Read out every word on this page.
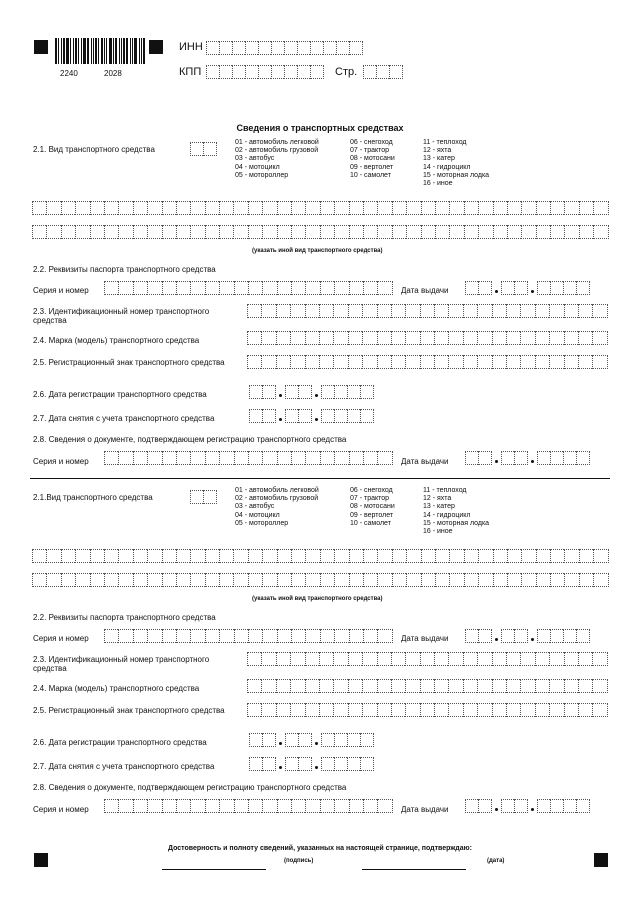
2240	2028
ИНН
КПП	Стр.
Сведения о транспортных средствах
2.1. Вид транспортного средства
01 - автомобиль легковой
02 - автомобиль грузовой
03 - автобус
04 - мотоцикл
05 - мотороллер
06 - снегоход
07 - трактор
08 - мотосани
09 - вертолет
10 - самолет
11 - теплоход
12 - яхта
13 - катер
14 - гидроцикл
15 - моторная лодка
16 - иное
(указать иной вид транспортного средства)
2.2. Реквизиты паспорта транспортного средства
Серия и номер	Дата выдачи
2.3. Идентификационный номер транспортного средства
2.4. Марка (модель) транспортного средства
2.5. Регистрационный знак транспортного средства
2.6. Дата регистрации транспортного средства
2.7. Дата снятия с учета транспортного средства
2.8. Сведения о документе, подтверждающем регистрацию транспортного средства
Серия и номер	Дата выдачи
2.1.Вид транспортного средства
01 - автомобиль легковой
02 - автомобиль грузовой
03 - автобус
04 - мотоцикл
05 - мотороллер
06 - снегоход
07 - трактор
08 - мотосани
09 - вертолет
10 - самолет
11 - теплоход
12 - яхта
13 - катер
14 - гидроцикл
15 - моторная лодка
16 - иное
(указать иной вид транспортного средства)
2.2. Реквизиты паспорта транспортного средства
Серия и номер	Дата выдачи
2.3. Идентификационный номер транспортного средства
2.4. Марка (модель) транспортного средства
2.5. Регистрационный знак транспортного средства
2.6. Дата регистрации транспортного средства
2.7. Дата снятия с учета транспортного средства
2.8. Сведения о документе, подтверждающем регистрацию транспортного средства
Серия и номер	Дата выдачи
Достоверность и полноту сведений, указанных на настоящей странице, подтверждаю:
(подпись)	(дата)
